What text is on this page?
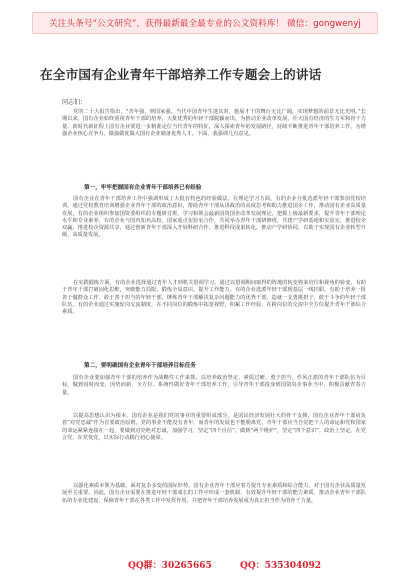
关注头条号“公文研究”，获得最新最全最专业的公文资料库！ 微信：gongwenyj
在全市国有企业青年干部培养工作专题会上的讲话
同志们：

党的二十大报告指出，“青年强，则国家强。当代中国青年生逢其时，施展才干的舞台无比广阔，实现梦想的前景无比光明。”长期以来，国有企业始终重视青年干部的培养，大批优秀的年轻干部脱颖而出，为推动企业改革发展、壮大国有经济的生力军和骨干力量。新时代新征程上国有企业要进一步精准定位当代青年的特征，深入探索青年的发展路径，持续不断推进青年干部培养工作，为增强企业核心竞争力、做强做优做大国有企业储备优秀人才。下面，我强调几点意见。

第一，牢牢把握国有企业青年干部培养已有经验

国有企业在青年干部培养工作中强调形成了大批有特色的经验做法。在理论学习方面，有的企业分批选派年轻干部参加党校培训，通过党校教育培训增强企业青年干部的政治意识，帮助青年干部从讲政治的高度思考和助力推进国企工作，推动国有企业高质量发展，有的企业组织参加国资委组织的专题研讨班，学习和领会最新国资国企改革发展理论，把握上级最新要求，提升青年干部理论水平和专业素养，有的企业与国内知名高校、国家重点实验室合作，共同举办青年干部研修班，共建产学研基地和实验室，推进校企双赢，推进校企资源共享，通过创新青年干部深入开展科研合作，推进科技成果转化，推动产学研协同，有助于实现国有企业转型升级、高质量发展。

在实践锻炼方面，有的企业选择通过青年人才到机关借调学习，通过以借调期间取得的阵地的转变将来培位和视角的转变，有助于青年干部打破固化思维，突破能力局限，锻炼全局意识，提升工作能力。有的企业选派年轻干部到基层一线挂职，有助于培养一批善于做群众工作、敢于善于担当的年轻干部，锤炼青年干部解决复杂问题能力的优秀干部，造就一支勇挑担子、敢于斗争的年轻干部队伍。有的企业通过实施轮岗交流制度，在不同岗位的锻炼中拓宽视野，积累工作经验，在跨岗位的交流中全方位提升青年干部综合素质。

第二，要明确国有企业青年干部培养目标任务

国有企业要加强青年干部的培养作为战略性工作来抓，以培养政治坚定、素质过硬、勇于担当、作风正派的青年干部队伍为目标，做到因时而变、因势而新，全方位、系统性做好青年干部培养工作，引导青年干部投身到国资央企事业当中，积极贡献青春力量。

以提高思想认识为根本。国有企业是我们党的事业的重要组成部分，是国民经济发展壮大的骨干支撑，国有企业青年干部肩负着“对党忠诚”作为首要政治原则。党的事业不能没有青年，而青年的发展也不能脱离党。青年干部应当自觉把个人的命运和党和国家的命运紧紧连接在一起，要做到对党绝对忠诚，加强学习，坚定“四个自信”，做到“两个维护”，坚定“四个意识”，政治上坚定，在党言党、在党忧党，以实际行动践行初心使命。

以强化素质本领为基础。面对复杂多变的国际形势，国有企业青年干部应着力提升专业素质和综合能力，对于国有企业高质量发展至关重要。因此，国有企业需要在推进年轻干部成长的工作中形成一套机制，有效提升年轻干部的能力素质，推动企业青年干部队伍的专业化建设，保障青年干部在各类工作中发挥作用，并把青年干部培养发展成为真正担当作为的骨干力量。

QQ群：30265665	QQ：535304092
